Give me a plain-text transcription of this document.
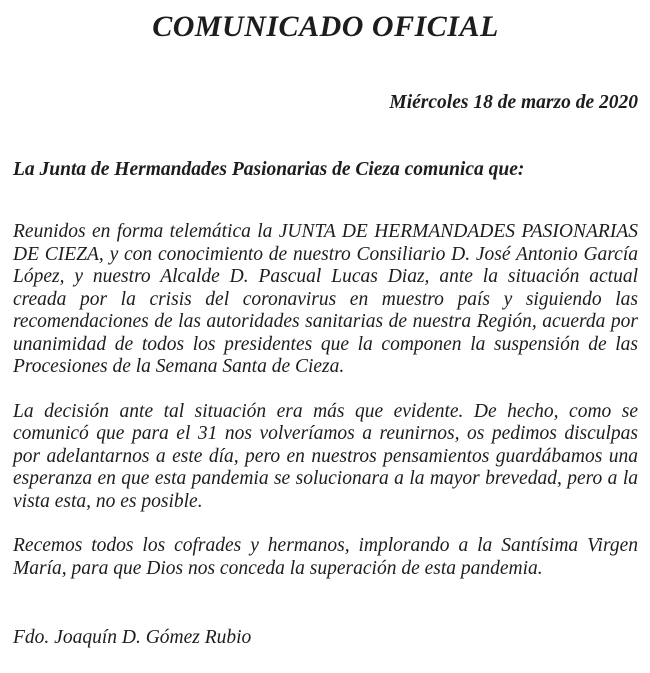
COMUNICADO OFICIAL

Miércoles 18 de marzo de 2020

La Junta de Hermandades Pasionarias de Cieza comunica que:

Reunidos en forma telemática la JUNTA DE HERMANDADES PASIONARIAS DE CIEZA, y con conocimiento de nuestro Consiliario D. José Antonio García López, y nuestro Alcalde D. Pascual Lucas Diaz, ante la situación actual creada por la crisis del coronavirus en muestro país y siguiendo las recomendaciones de las autoridades sanitarias de nuestra Región, acuerda por unanimidad de todos los presidentes que la componen la suspensión de las Procesiones de la Semana Santa de Cieza.

La decisión ante tal situación era más que evidente. De hecho, como se comunicó que para el 31 nos volveríamos a reunirnos, os pedimos disculpas por adelantarnos a este día, pero en nuestros pensamientos guardábamos una esperanza en que esta pandemia se solucionara a la mayor brevedad, pero a la vista esta, no es posible.

Recemos todos los cofrades y hermanos, implorando a la Santísima Virgen María, para que Dios nos conceda la superación de esta pandemia.

Fdo. Joaquín D. Gómez Rubio
